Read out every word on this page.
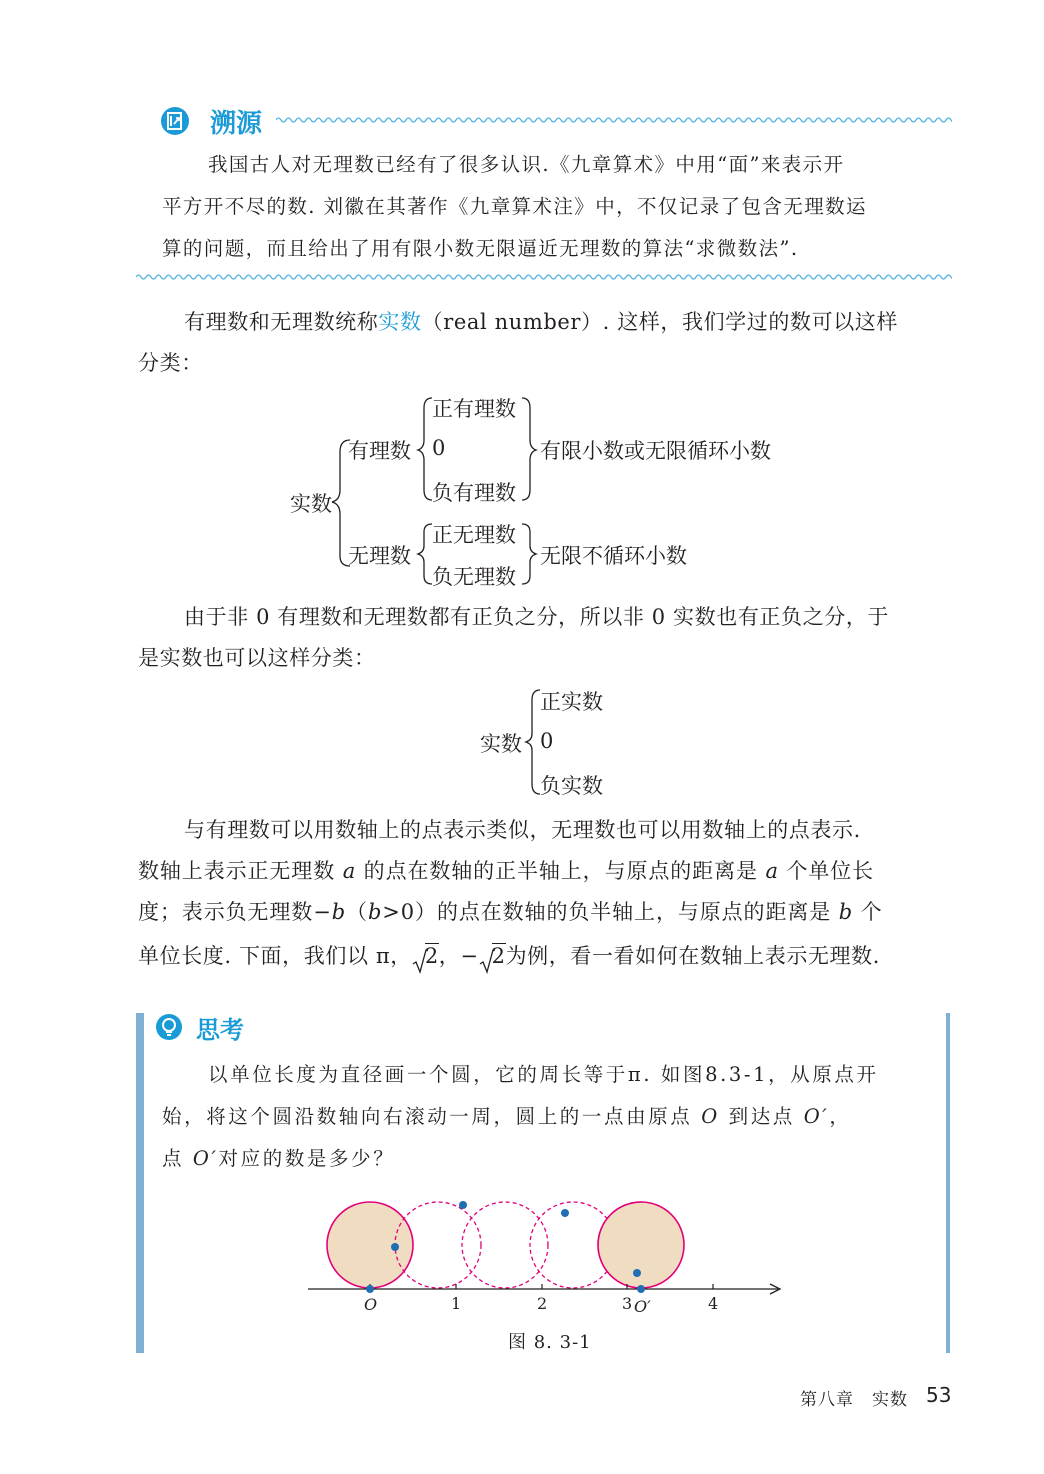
溯源
我国古人对无理数已经有了很多认识.《九章算术》中用“面”来表示开
平方开不尽的数. 刘徽在其著作《九章算术注》中，不仅记录了包含无理数运
算的问题，而且给出了用有限小数无限逼近无理数的算法“求微数法”.
有理数和无理数统称实数（real number）. 这样，我们学过的数可以这样
分类：
实数
有理数
正有理数
0
负有理数
有限小数或无限循环小数
无理数
正无理数
负无理数
无限不循环小数
由于非 0 有理数和无理数都有正负之分，所以非 0 实数也有正负之分，于
是实数也可以这样分类：
实数
正实数
0
负实数
与有理数可以用数轴上的点表示类似，无理数也可以用数轴上的点表示.
数轴上表示正无理数 a 的点在数轴的正半轴上，与原点的距离是 a 个单位长
度；表示负无理数−b（b>0）的点在数轴的负半轴上，与原点的距离是 b 个
单位长度. 下面，我们以 π， 2，− 2为例，看一看如何在数轴上表示无理数.
思考
以单位长度为直径画一个圆，它的周长等于π. 如图8.3-1，从原点开
始，将这个圆沿数轴向右滚动一周，圆上的一点由原点 O 到达点 O′，
点 O′对应的数是多少？
O	1	2	3	4
O′
图 8. 3-1
第八章　实数 53
